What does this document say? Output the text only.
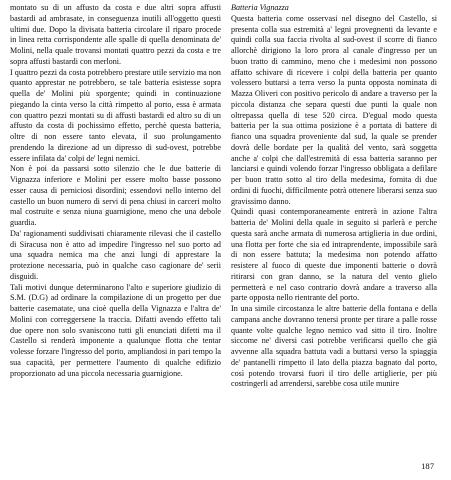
montato su di un affusto da costa e due altri sopra affusti bastardi ad ambrasate, in conseguenza inutili all'oggetto questi ultimi due. Dopo la divisata batteria circolare il riparo procede in linea retta corrispondente alle spalle di quella denominata de' Molini, nella quale trovansi montati quattro pezzi da costa e tre sopra affusti bastardi con merloni.

I quattro pezzi da costa potrebbero prestare utile servizio ma non quanto apprestar ne potrebbero, se tale batteria esistesse sopra quella de' Molini più sporgente; quindi in continuazione piegando la cinta verso la città rimpetto al porto, essa è armata con quattro pezzi montati su di affusti bastardi ed altro su di un affusto da costa di pochissimo effetto, perchè questa batteria, oltre di non essere tanto elevata, il suo prolungamento prendendo la direzione ad un dipresso di sud-ovest, potrebbe essere infilata da' colpi de' legni nemici.

Non è poi da passarsi sotto silenzio che le due batterie di Vignazza inferiore e Molini per essere molto basse possono esser causa di perniciosi disordini; essendovi nello interno del castello un buon numero di servi di pena chiusi in carceri molto mal costruite e senza niuna guarnigione, meno che una debole guardia.

Da' ragionamenti suddivisati chiaramente rilevasi che il castello di Siracusa non è atto ad impedire l'ingresso nel suo porto ad una squadra nemica ma che anzi lungi di apprestare la protezione necessaria, può in qualche caso cagionare de' serii disguidi.

Tali motivi dunque determinarono l'alto e superiore giudizio di S.M. (D.G) ad ordinare la compilazione di un progetto per due batterie casematate, una cioè quella della Vignazza e l'altra de' Molini con correggersene la traccia. Difatti avendo effetto tali due opere non solo svaniscono tutti gli enunciati difetti ma il Castello si renderà imponente a qualunque flotta che tentar volesse forzare l'ingresso del porto, ampliandosi in pari tempo la sua capacità, per permettere l'aumento di qualche edifizio proporzionato ad una piccola necessaria guarnigione.

Batteria Vignazza

Questa batteria come osservasi nel disegno del Castello, si presenta colla sua estremità a' legni provegnenti da levante e quindi colla sua faccia rivolta al sud-ovest il scorre di fianco allorchè dirigiono la loro prora al canale d'ingresso per un buon tratto di cammino, meno che i medesimi non possono affatto schivare di ricevere i colpi della batteria per quanto volessero buttarsi a terra verso la punta opposta nominata di Mazza Oliveri con positivo pericolo di andare a traverso per la piccola distanza che separa questi due punti la quale non oltrepassa quella di tese 520 circa. D'egual modo questa batteria per la sua ottima posizione è a portata di battere di fianco una squadra proveniente dal sud, la quale se prender dovrà delle bordate per la qualità del vento, sarà soggetta anche a' colpi che dall'estremità di essa batteria saranno per lanciarsi e quindi volendo forzar l'ingresso obbligata a defilare per buon tratto sotto al tiro della medesima, fornita di due ordini di fuochi, difficilmente potrà ottenere liberarsi senza suo gravissimo danno.

Quindi quasi contemporaneamente entrerà in azione l'altra batteria de' Molini della quale in seguito si parlerà e perche questa sarà anche armata di numerosa artiglieria in due ordini, una flotta per forte che sia ed intraprendente, impossibile sarà di non essere battuta; la medesima non potendo affatto resistere al fuoco di queste due imponenti batterie o dovrà ritirarsi con gran danno, se la natura del vento glielo permetterà e nel caso contrario dovrà andare a traverso alla parte opposta nello rientrante del porto.

In una simile circostanza le altre batterie della fontana e della campana anche dovranno tenersi pronte per tirare a palle rosse quante volte qualche legno nemico vad sitto il tiro. Inoltre siccome ne' diversi casi potrebbe verificarsi quello che già avvenne alla squadra battuta vadi a buttarsi verso la spiaggia de' pantanelli rimpetto il lato della piazza bagnato dal porto, così potendo trovarsi fuori il tiro delle artiglierie, per più costringerli ad arrendersi, sarebbe cosa utile munire

187
